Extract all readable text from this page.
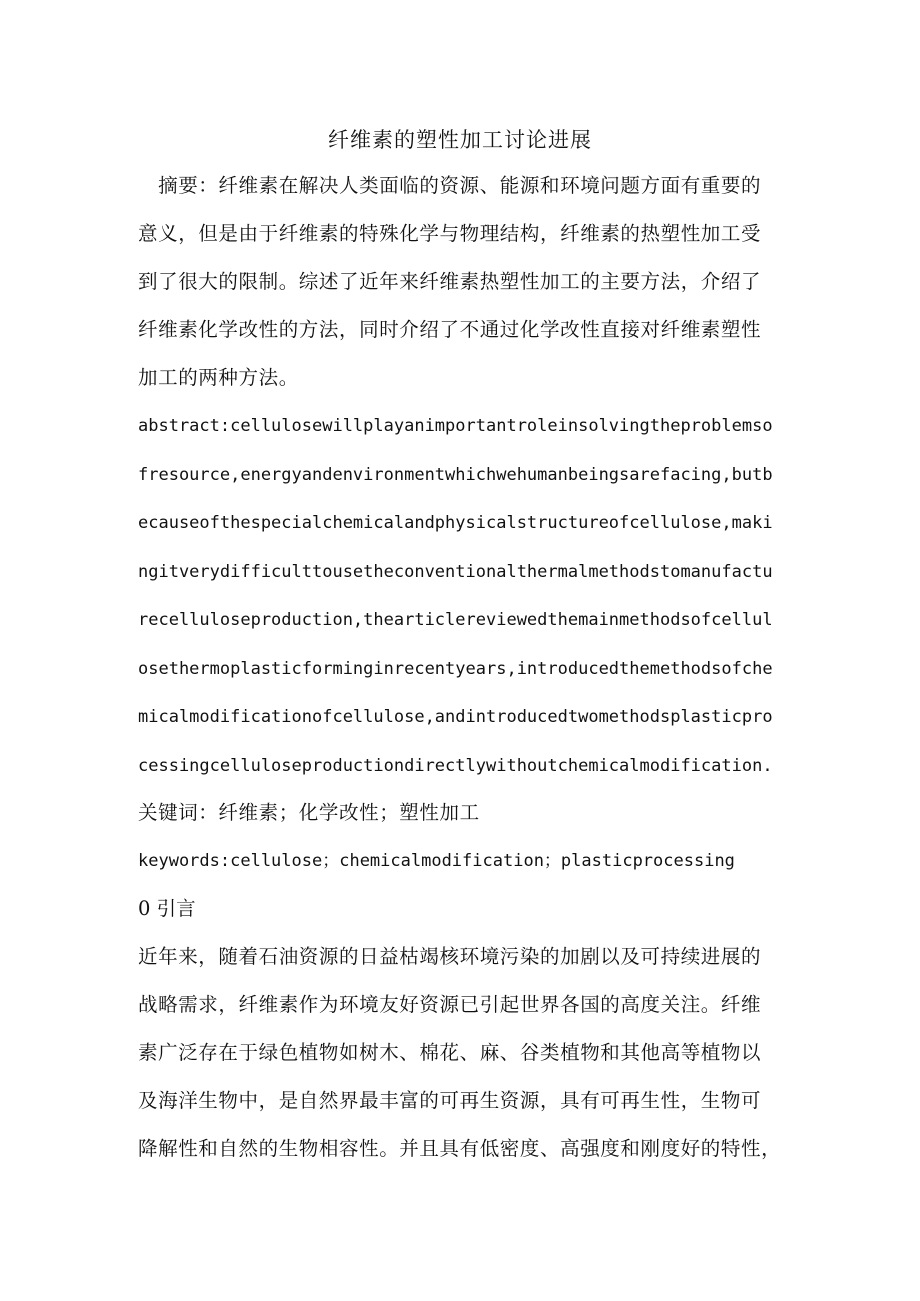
纤维素的塑性加工讨论进展
　摘要：纤维素在解决人类面临的资源、能源和环境问题方面有重要的
意义，但是由于纤维素的特殊化学与物理结构，纤维素的热塑性加工受
到了很大的限制。综述了近年来纤维素热塑性加工的主要方法，介绍了
纤维素化学改性的方法，同时介绍了不通过化学改性直接对纤维素塑性
加工的两种方法。
abstract:cellulosewillplayanimportantroleinsolvingtheproblemso
fresource,energyandenvironmentwhichwehumanbeingsarefacing,butb
ecauseofthespecialchemicalandphysicalstructureofcellulose,maki
ngitverydifficulttousetheconventionalthermalmethodstomanufactu
recelluloseproduction,thearticlereviewedthemainmethodsofcellul
osethermoplasticforminginrecentyears,introducedthemethodsofche
micalmodificationofcellulose,andintroducedtwomethodsplasticpro
cessingcelluloseproductiondirectlywithoutchemicalmodification.
关键词：纤维素；化学改性；塑性加工
keywords:cellulose；chemicalmodification；plasticprocessing
0 引言
近年来，随着石油资源的日益枯竭核环境污染的加剧以及可持续进展的
战略需求，纤维素作为环境友好资源已引起世界各国的高度关注。纤维
素广泛存在于绿色植物如树木、棉花、麻、谷类植物和其他高等植物以
及海洋生物中，是自然界最丰富的可再生资源，具有可再生性，生物可
降解性和自然的生物相容性。并且具有低密度、高强度和刚度好的特性，
